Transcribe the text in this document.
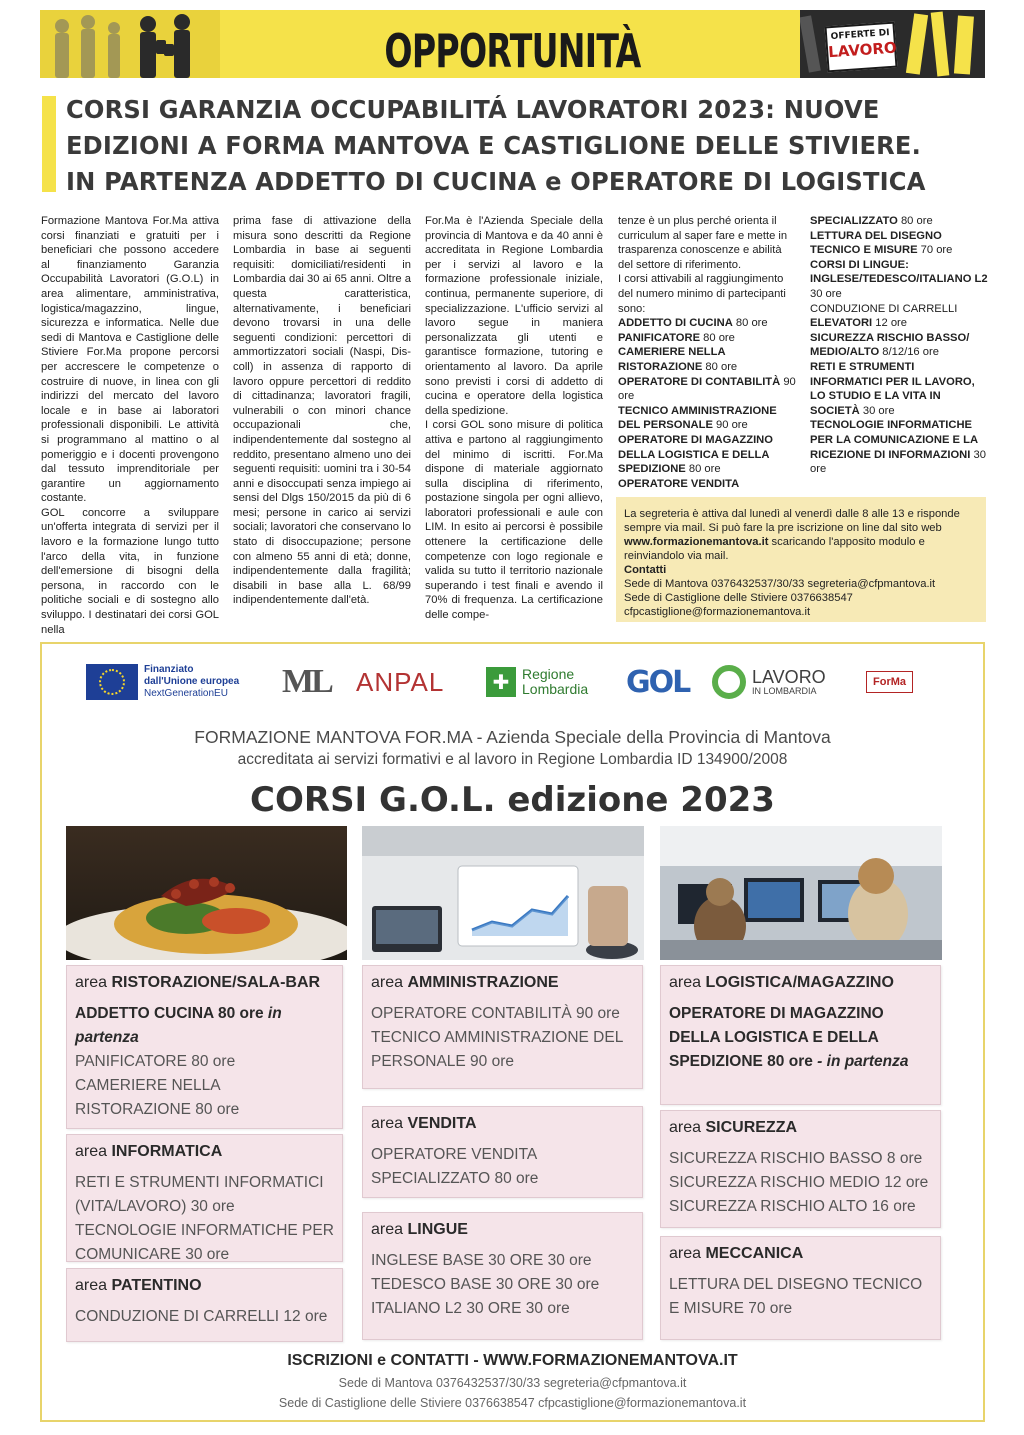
OPPORTUNITÀ	OFFERTE DI
LAVORO
CORSI GARANZIA OCCUPABILITÁ LAVORATORI 2023: NUOVE
EDIZIONI A FORMA MANTOVA E CASTIGLIONE DELLE STIVIERE.
IN PARTENZA ADDETTO DI CUCINA e OPERATORE DI LOGISTICA

Formazione Mantova For.Ma attiva corsi finanziati e gratuiti per i beneficiari che possono accedere al finanziamento Garanzia Occupabilità Lavoratori (G.O.L) in area alimentare, amministrativa, logistica/magazzino, lingue, sicurezza e informatica. Nelle due sedi di Mantova e Castiglione delle Stiviere For.Ma propone percorsi per accrescere le competenze o costruire di nuove, in linea con gli indirizzi del mercato del lavoro locale e in base ai laboratori professionali disponibili. Le attività si programmano al mattino o al pomeriggio e i docenti provengono dal tessuto imprenditoriale per garantire un aggiornamento costante.

GOL concorre a sviluppare un'offerta integrata di servizi per il lavoro e la formazione lungo tutto l'arco della vita, in funzione dell'emersione di bisogni della persona, in raccordo con le politiche sociali e di sostegno allo sviluppo. I destinatari dei corsi GOL nella

prima fase di attivazione della misura sono descritti da Regione Lombardia in base ai seguenti requisiti: domiciliati/residenti in Lombardia dai 30 ai 65 anni. Oltre a questa caratteristica, alternativamente, i beneficiari devono trovarsi in una delle seguenti condizioni: percettori di ammortizzatori sociali (Naspi, Dis-coll) in assenza di rapporto di lavoro oppure percettori di reddito di cittadinanza; lavoratori fragili, vulnerabili o con minori chance occupazionali che, indipendentemente dal sostegno al reddito, presentano almeno uno dei seguenti requisiti: uomini tra i 30-54 anni e disoccupati senza impiego ai sensi del Dlgs 150/2015 da più di 6 mesi; persone in carico ai servizi sociali; lavoratori che conservano lo stato di disoccupazione; persone con almeno 55 anni di età; donne, indipendentemente dalla fragilità; disabili in base alla L. 68/99 indipendentemente dall'età.

For.Ma è l'Azienda Speciale della provincia di Mantova e da 40 anni è accreditata in Regione Lombardia per i servizi al lavoro e la formazione professionale iniziale, continua, permanente superiore, di specializzazione. L'ufficio servizi al lavoro segue in maniera personalizzata gli utenti e garantisce formazione, tutoring e orientamento al lavoro. Da aprile sono previsti i corsi di addetto di cucina e operatore della logistica della spedizione.

I corsi GOL sono misure di politica attiva e partono al raggiungimento del minimo di iscritti. For.Ma dispone di materiale aggiornato sulla disciplina di riferimento, postazione singola per ogni allievo, laboratori professionali e aule con LIM. In esito ai percorsi è possibile ottenere la certificazione delle competenze con logo regionale e valida su tutto il territorio nazionale superando i test finali e avendo il 70% di frequenza. La certificazione delle compe-

tenze è un plus perché orienta il curriculum al saper fare e mette in trasparenza conoscenze e abilità del settore di riferimento.

I corsi attivabili al raggiungimento del numero minimo di partecipanti sono:

ADDETTO DI CUCINA 80 ore
PANIFICATORE 80 ore
CAMERIERE NELLA RISTORAZIONE 80 ore
OPERATORE DI CONTABILITÀ 90 ore
TECNICO AMMINISTRAZIONE DEL PERSONALE 90 ore
OPERATORE DI MAGAZZINO DELLA LOGISTICA E DELLA SPEDIZIONE 80 ore
OPERATORE VENDITA
SPECIALIZZATO 80 ore
LETTURA DEL DISEGNO TECNICO E MISURE 70 ore
CORSI DI LINGUE: INGLESE/TEDESCO/ITALIANO L2 30 ore
CONDUZIONE DI CARRELLI
ELEVATORI 12 ore
SICUREZZA RISCHIO BASSO/ MEDIO/ALTO 8/12/16 ore
RETI E STRUMENTI INFORMATICI PER IL LAVORO, LO STUDIO E LA VITA IN SOCIETÀ 30 ore
TECNOLOGIE INFORMATICHE PER LA COMUNICAZIONE E LA RICEZIONE DI INFORMAZIONI 30 ore
La segreteria è attiva dal lunedì al venerdì dalle 8 alle 13 e risponde sempre via mail. Si può fare la pre iscrizione on line dal sito web www.formazionemantova.it scaricando l'apposito modulo e reinviandolo via mail.
Contatti
Sede di Mantova 0376432537/30/33 segreteria@cfpmantova.it
Sede di Castiglione delle Stiviere 0376638547
cfpcastiglione@formazionemantova.it
Finanziato
dall'Unione europea
NextGenerationEU	ML ANPAL	✚ Regione
Lombardia GOL	LAVORO
IN LOMBARDIA
ForMa
FORMAZIONE MANTOVA FOR.MA - Azienda Speciale della Provincia di Mantova
accreditata ai servizi formativi e al lavoro in Regione Lombardia ID 134900/2008
CORSI G.O.L. edizione 2023
area RISTORAZIONE/SALA-BAR
ADDETTO CUCINA 80 ore in partenza
PANIFICATORE 80 ore
CAMERIERE NELLA RISTORAZIONE 80 ore
area INFORMATICA
RETI E STRUMENTI INFORMATICI (VITA/LAVORO) 30 ore
TECNOLOGIE INFORMATICHE PER COMUNICARE 30 ore
area PATENTINO
CONDUZIONE DI CARRELLI 12 ore
area AMMINISTRAZIONE
OPERATORE CONTABILITÀ 90 ore
TECNICO AMMINISTRAZIONE DEL PERSONALE 90 ore
area VENDITA
OPERATORE VENDITA SPECIALIZZATO 80 ore
area LINGUE
INGLESE BASE 30 ORE 30 ore
TEDESCO BASE 30 ORE 30 ore
ITALIANO L2 30 ORE 30 ore
area LOGISTICA/MAGAZZINO
OPERATORE DI MAGAZZINO DELLA LOGISTICA E DELLA SPEDIZIONE 80 ore - in partenza
area SICUREZZA
SICUREZZA RISCHIO BASSO 8 ore
SICUREZZA RISCHIO MEDIO 12 ore
SICUREZZA RISCHIO ALTO 16 ore
area MECCANICA
LETTURA DEL DISEGNO TECNICO E MISURE 70 ore
ISCRIZIONI e CONTATTI - WWW.FORMAZIONEMANTOVA.IT
Sede di Mantova 0376432537/30/33 segreteria@cfpmantova.it
Sede di Castiglione delle Stiviere 0376638547 cfpcastiglione@formazionemantova.it
